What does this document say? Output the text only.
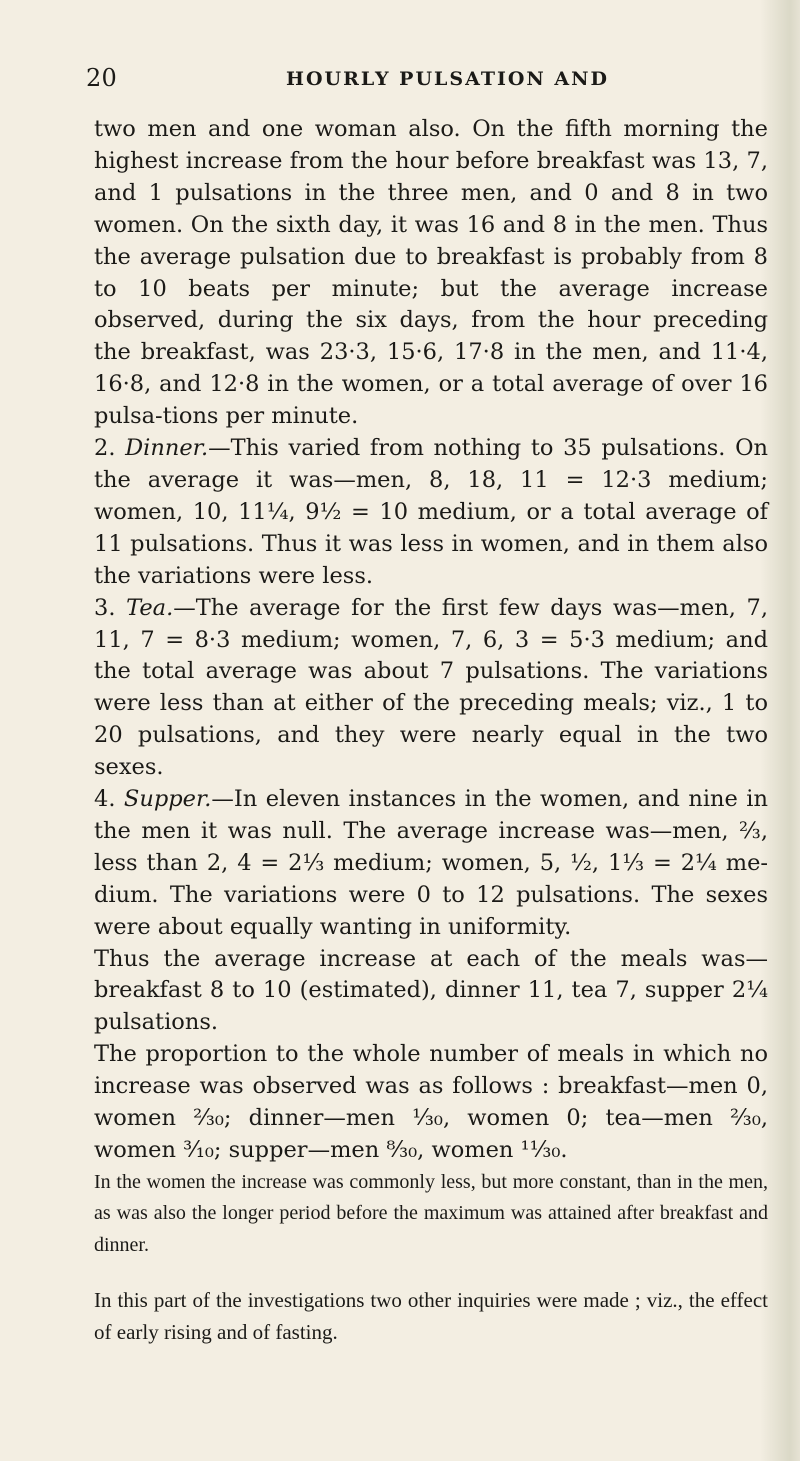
20	HOURLY PULSATION AND

two men and one woman also. On the fifth morning the highest increase from the hour before breakfast was 13, 7, and 1 pulsations in the three men, and 0 and 8 in two women. On the sixth day, it was 16 and 8 in the men. Thus the average pulsation due to breakfast is probably from 8 to 10 beats per minute; but the average increase observed, during the six days, from the hour preceding the breakfast, was 23·3, 15·6, 17·8 in the men, and 11·4, 16·8, and 12·8 in the women, or a total average of over 16 pulsa-tions per minute.

2. Dinner.—This varied from nothing to 35 pulsations. On the average it was—men, 8, 18, 11 = 12·3 medium; women, 10, 11¼, 9½ = 10 medium, or a total average of 11 pulsations. Thus it was less in women, and in them also the variations were less.

3. Tea.—The average for the first few days was—men, 7, 11, 7 = 8·3 medium; women, 7, 6, 3 = 5·3 medium; and the total average was about 7 pulsations. The variations were less than at either of the preceding meals; viz., 1 to 20 pulsations, and they were nearly equal in the two sexes.

4. Supper.—In eleven instances in the women, and nine in the men it was null. The average increase was—men, ⅔, less than 2, 4 = 2⅓ medium; women, 5, ½, 1⅓ = 2¼ me-dium. The variations were 0 to 12 pulsations. The sexes were about equally wanting in uniformity.

Thus the average increase at each of the meals was—breakfast 8 to 10 (estimated), dinner 11, tea 7, supper 2¼ pulsations.

The proportion to the whole number of meals in which no increase was observed was as follows : breakfast—men 0, women ²⁄₃₀; dinner—men ¹⁄₃₀, women 0; tea—men ²⁄₃₀, women ³⁄₁₀; supper—men ⁸⁄₃₀, women ¹¹⁄₃₀.

In the women the increase was commonly less, but more constant, than in the men, as was also the longer period before the maximum was attained after breakfast and dinner.

In this part of the investigations two other inquiries were made ; viz., the effect of early rising and of fasting.
